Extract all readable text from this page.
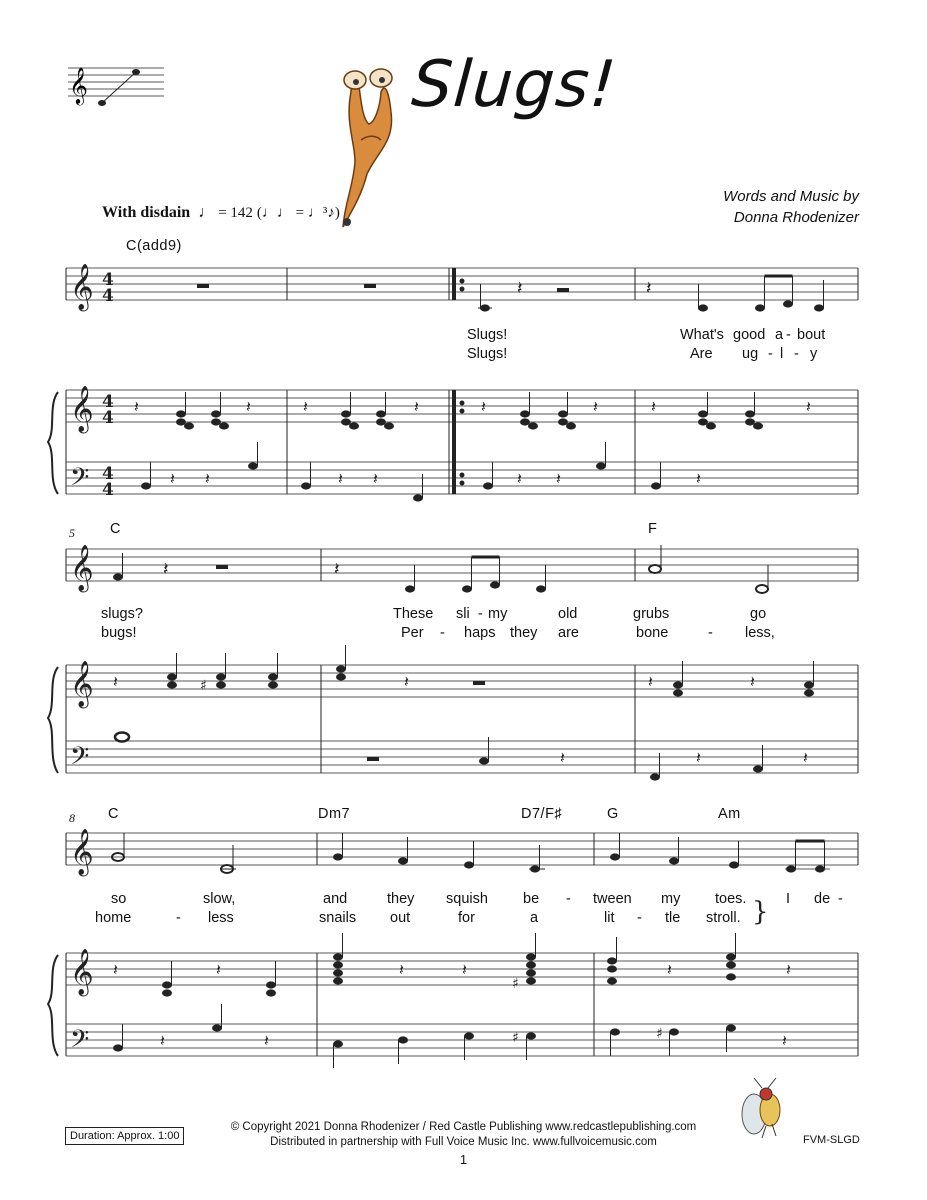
Slugs!
Words and Music by
Donna Rhodenizer
𝄞
With disdain  ♩ = 142 (♩♩ = ♩³♪)
C(add9)
C	F
C	Dm7	D7/F♯	G	Am
5
8
𝄞
𝄞
𝄢
4
4
4
4
4
4
𝄽	𝄽
𝄽	𝄽	𝄽	𝄽	𝄽	𝄽	𝄽	𝄽
𝄽 𝄽	𝄽 𝄽	𝄽 𝄽	𝄽
𝄞
𝄞
𝄢
𝄽	𝄽
𝄽	♯	𝄽	𝄽	𝄽
𝄽	𝄽	𝄽
𝄞
𝄞
𝄢
𝄽	𝄽	𝄽	𝄽
♯
𝄽	𝄽
𝄽	𝄽	♯	♯	𝄽
}
Slugs!	What's good a - bout
Slugs!	Are ug - l - y
slugs?	These sli - my	old	grubs	go
bugs!	Per - haps they are	bone	- less,
so	slow,	and	they squish be - tween my toes.	I de -
home	- less	snails out	for	a	lit - tle stroll.
Duration: Approx. 1:00
© Copyright 2021 Donna Rhodenizer / Red Castle Publishing www.redcastlepublishing.com
Distributed in partnership with Full Voice Music Inc. www.fullvoicemusic.com
1
FVM-SLGD
